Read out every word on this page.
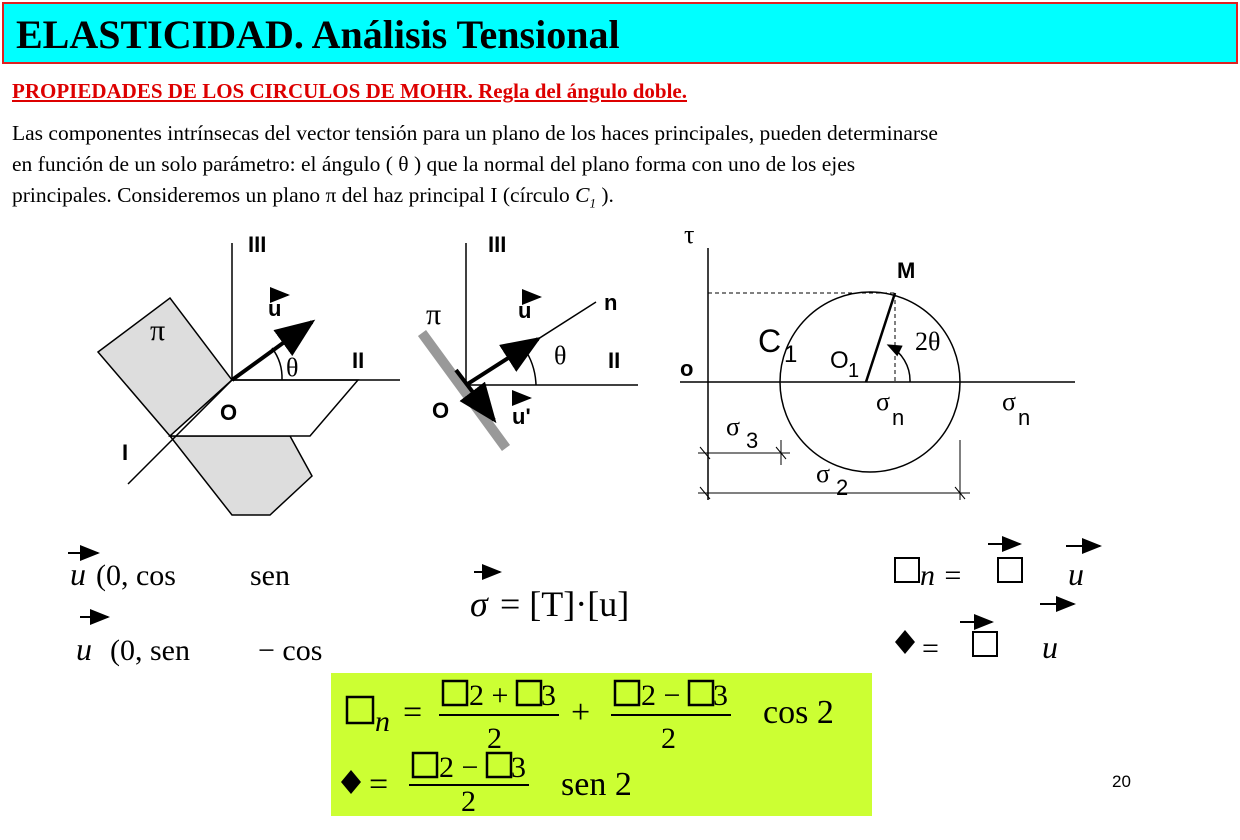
ELASTICIDAD. Análisis Tensional
PROPIEDADES DE LOS CIRCULOS DE MOHR. Regla del ángulo doble.
Las componentes intrínsecas del vector tensión para un plano de los haces principales, pueden determinarse
en función de un solo parámetro: el ángulo ( θ ) que la normal del plano forma con uno de los ejes
principales. Consideremos un plano π del haz principal I (círculo $C_1$ ).
III
II
I
O
π
u
θ
III
II
n
O
π	u
u'
θ
τ
o
M
C 1 O 1
2θ
σ
n
σ
n
σ 3
σ 2
u (0, cos sen
u (0, sen − cos
σ = [T]·[u]
n =	u
=	u
n = 2 + 3
2
+ 2 − 3
2
cos 2
= 2 − 3
2	sen 2	20
